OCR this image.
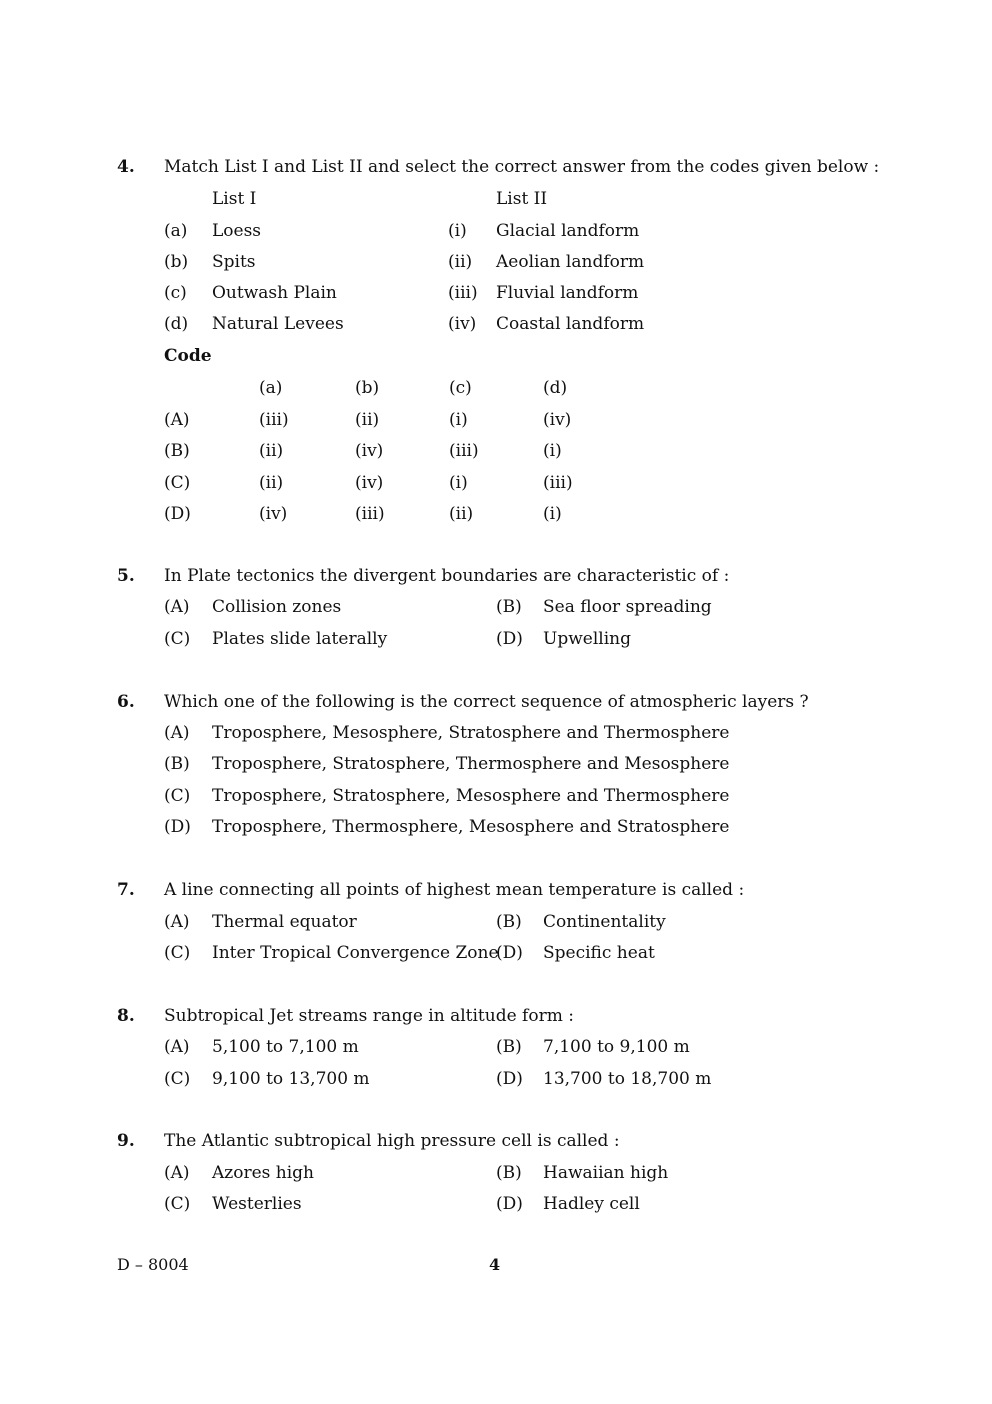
4. Match List I and List II and select the correct answer from the codes given below :
List I	List II
(a) Loess	(i) Glacial landform
(b) Spits	(ii) Aeolian landform
(c) Outwash Plain	(iii) Fluvial landform
(d) Natural Levees	(iv) Coastal landform
Code
(a)	(b)	(c)	(d)
(A)	(iii)	(ii)	(i)	(iv)
(B)	(ii)	(iv)	(iii)	(i)
(C)	(ii)	(iv)	(i)	(iii)
(D)	(iv)	(iii)	(ii)	(i)
5. In Plate tectonics the divergent boundaries are characteristic of :
(A) Collision zones	(B) Sea floor spreading
(C) Plates slide laterally	(D) Upwelling
6. Which one of the following is the correct sequence of atmospheric layers ?
(A) Troposphere, Mesosphere, Stratosphere and Thermosphere
(B) Troposphere, Stratosphere, Thermosphere and Mesosphere
(C) Troposphere, Stratosphere, Mesosphere and Thermosphere
(D) Troposphere, Thermosphere, Mesosphere and Stratosphere
7. A line connecting all points of highest mean temperature is called :
(A) Thermal equator	(B) Continentality
(C) Inter Tropical Convergence Zone
(D) Specific heat
8. Subtropical Jet streams range in altitude form :
(A) 5,100 to 7,100 m	(B) 7,100 to 9,100 m
(C) 9,100 to 13,700 m	(D) 13,700 to 18,700 m
9. The Atlantic subtropical high pressure cell is called :
(A) Azores high	(B) Hawaiian high
(C) Westerlies	(D) Hadley cell
D – 8004	4
